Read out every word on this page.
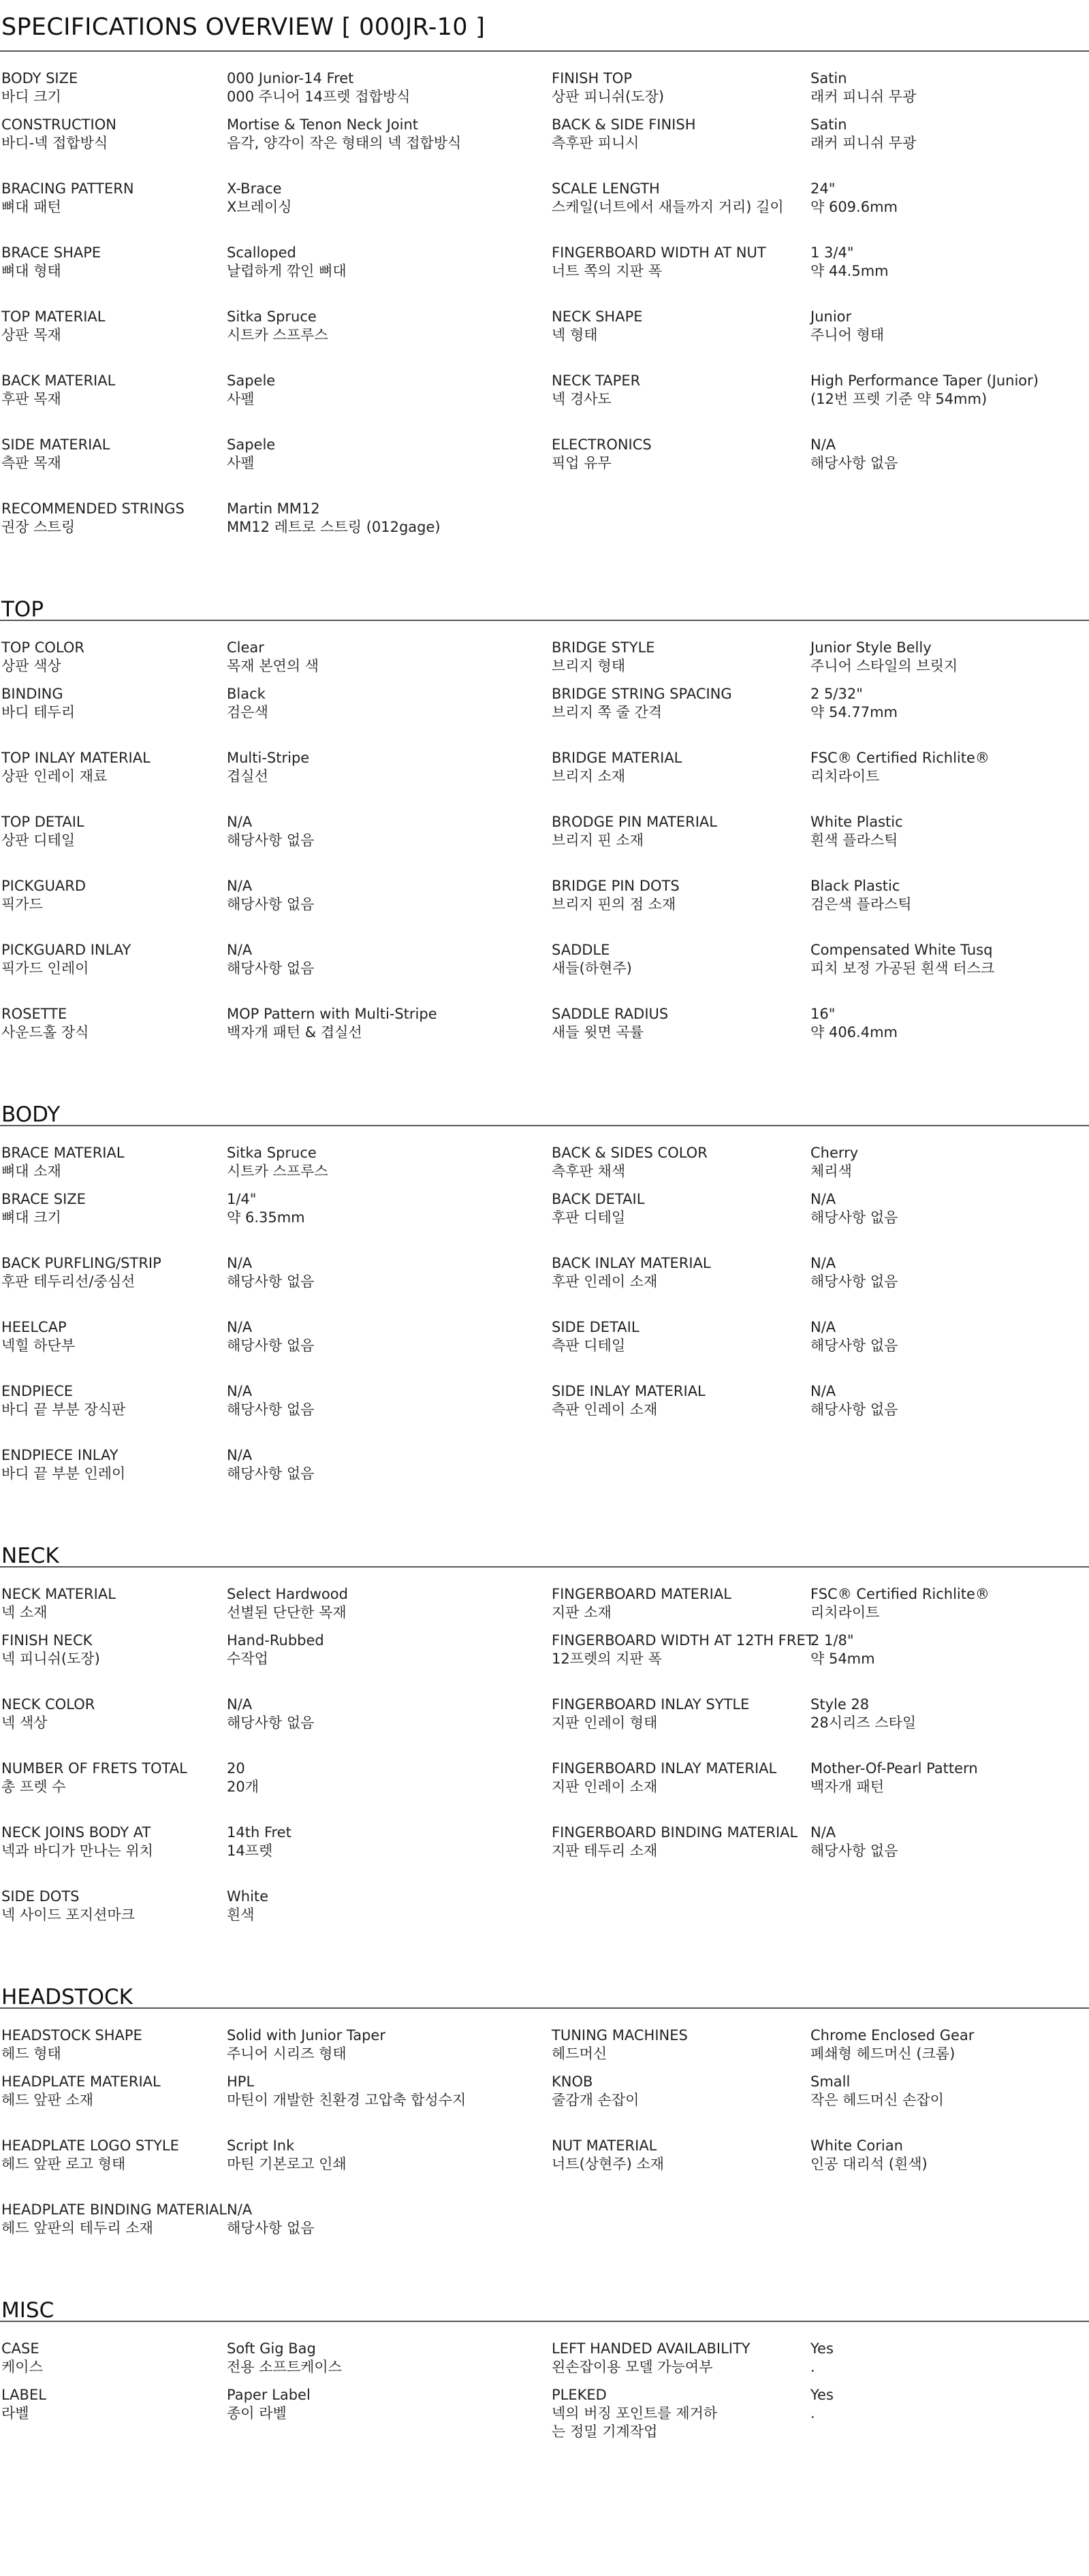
SPECIFICATIONS OVERVIEW [ 000JR-10 ]
BODY SIZE
바디 크기
000 Junior-14 Fret
000 주니어 14프렛 접합방식
FINISH TOP
상판 피니쉬(도장)
Satin
래커 피니쉬 무광
CONSTRUCTION
바디-넥 접합방식
Mortise & Tenon Neck Joint
음각, 양각이 작은 형태의 넥 접합방식
BACK & SIDE FINISH
측후판 피니시
Satin
래커 피니쉬 무광
BRACING PATTERN
뼈대 패턴
X-Brace
X브레이싱
SCALE LENGTH
스케일(너트에서 새들까지 거리) 길이
24"
약 609.6mm
BRACE SHAPE
뼈대 형태
Scalloped
날렵하게 깎인 뼈대
FINGERBOARD WIDTH AT NUT
너트 쪽의 지판 폭
1 3/4"
약 44.5mm
TOP MATERIAL
상판 목재
Sitka Spruce
시트카 스프루스
NECK SHAPE
넥 형태
Junior
주니어 형태
BACK MATERIAL
후판 목재
Sapele
사펠
NECK TAPER
넥 경사도
High Performance Taper (Junior)
(12번 프렛 기준 약 54mm)
SIDE MATERIAL
측판 목재
Sapele
사펠
ELECTRONICS
픽업 유무
N/A
해당사항 없음
RECOMMENDED STRINGS
권장 스트링
Martin MM12
MM12 레트로 스트링 (012gage)
TOP
TOP COLOR
상판 색상
Clear
목재 본연의 색
BRIDGE STYLE
브리지 형태
Junior Style Belly
주니어 스타일의 브릿지
BINDING
바디 테두리
Black
검은색
BRIDGE STRING SPACING
브리지 쪽 줄 간격
2 5/32"
약 54.77mm
TOP INLAY MATERIAL
상판 인레이 재료
Multi-Stripe
겹실선
BRIDGE MATERIAL
브리지 소재
FSC® Certified Richlite®
리치라이트
TOP DETAIL
상판 디테일
N/A
해당사항 없음
BRODGE PIN MATERIAL
브리지 핀 소재
White Plastic
흰색 플라스틱
PICKGUARD
픽가드
N/A
해당사항 없음
BRIDGE PIN DOTS
브리지 핀의 점 소재
Black Plastic
검은색 플라스틱
PICKGUARD INLAY
픽가드 인레이
N/A
해당사항 없음
SADDLE
새들(하현주)
Compensated White Tusq
피치 보정 가공된 흰색 터스크
ROSETTE
사운드홀 장식
MOP Pattern with Multi-Stripe
백자개 패턴 & 겹실선
SADDLE RADIUS
새들 윗면 곡률
16"
약 406.4mm
BODY
BRACE MATERIAL
뼈대 소재
Sitka Spruce
시트카 스프루스
BACK & SIDES COLOR
측후판 채색
Cherry
체리색
BRACE SIZE
뼈대 크기
1/4"
약 6.35mm
BACK DETAIL
후판 디테일
N/A
해당사항 없음
BACK PURFLING/STRIP
후판 테두리선/중심선
N/A
해당사항 없음
BACK INLAY MATERIAL
후판 인레이 소재
N/A
해당사항 없음
HEELCAP
넥힐 하단부
N/A
해당사항 없음
SIDE DETAIL
측판 디테일
N/A
해당사항 없음
ENDPIECE
바디 끝 부분 장식판
N/A
해당사항 없음
SIDE INLAY MATERIAL
측판 인레이 소재
N/A
해당사항 없음
ENDPIECE INLAY
바디 끝 부분 인레이
N/A
해당사항 없음
NECK
NECK MATERIAL
넥 소재
Select Hardwood
선별된 단단한 목재
FINGERBOARD MATERIAL
지판 소재
FSC® Certified Richlite®
리치라이트
FINISH NECK
넥 피니쉬(도장)
Hand-Rubbed
수작업
FINGERBOARD WIDTH AT 12TH FRET
12프렛의 지판 폭
2 1/8"
약 54mm
NECK COLOR
넥 색상
N/A
해당사항 없음
FINGERBOARD INLAY SYTLE
지판 인레이 형태
Style 28
28시리즈 스타일
NUMBER OF FRETS TOTAL
총 프렛 수
20
20개
FINGERBOARD INLAY MATERIAL
지판 인레이 소재
Mother-Of-Pearl Pattern
백자개 패턴
NECK JOINS BODY AT
넥과 바디가 만나는 위치
14th Fret
14프렛
FINGERBOARD BINDING MATERIAL
지판 테두리 소재
N/A
해당사항 없음
SIDE DOTS
넥 사이드 포지션마크
White
흰색
HEADSTOCK
HEADSTOCK SHAPE
헤드 형태
Solid with Junior Taper
주니어 시리즈 형태
TUNING MACHINES
헤드머신
Chrome Enclosed Gear
폐쇄형 헤드머신 (크롬)
HEADPLATE MATERIAL
헤드 앞판 소재
HPL
마틴이 개발한 친환경 고압축 합성수지
KNOB
줄감개 손잡이
Small
작은 헤드머신 손잡이
HEADPLATE LOGO STYLE
헤드 앞판 로고 형태
Script Ink
마틴 기본로고 인쇄
NUT MATERIAL
너트(상현주) 소재
White Corian
인공 대리석 (흰색)
HEADPLATE BINDING MATERIAL
헤드 앞판의 테두리 소재
N/A
해당사항 없음
MISC
CASE
케이스
Soft Gig Bag
전용 소프트케이스
LEFT HANDED AVAILABILITY
왼손잡이용 모델 가능여부
Yes
.
LABEL
라벨
Paper Label
종이 라벨
PLEKED
넥의 버징 포인트를 제거하는 정밀 기계작업
Yes
.
